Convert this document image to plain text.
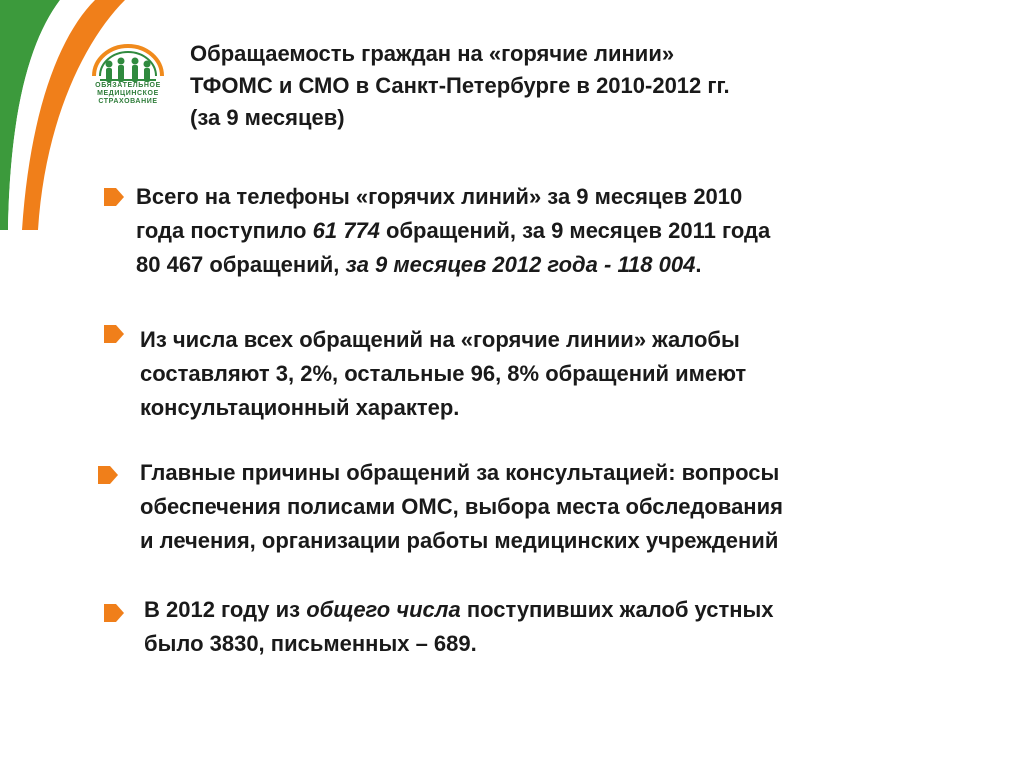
ОБЯЗАТЕЛЬНОЕ
МЕДИЦИНСКОЕ
СТРАХОВАНИЕ
Обращаемость граждан на «горячие линии»
ТФОМС и СМО в Санкт-Петербурге в 2010-2012 гг.
(за 9 месяцев)
Всего на телефоны «горячих линий» за 9 месяцев 2010
года поступило 61 774 обращений, за 9 месяцев 2011 года
80 467 обращений, за 9 месяцев 2012 года - 118 004.
Из числа всех обращений на «горячие линии» жалобы
составляют 3, 2%, остальные 96, 8% обращений имеют
консультационный характер.
Главные причины обращений за консультацией: вопросы
обеспечения полисами ОМС, выбора места обследования
и лечения, организации работы медицинских учреждений
В 2012 году из общего числа поступивших жалоб устных
было 3830, письменных – 689.
